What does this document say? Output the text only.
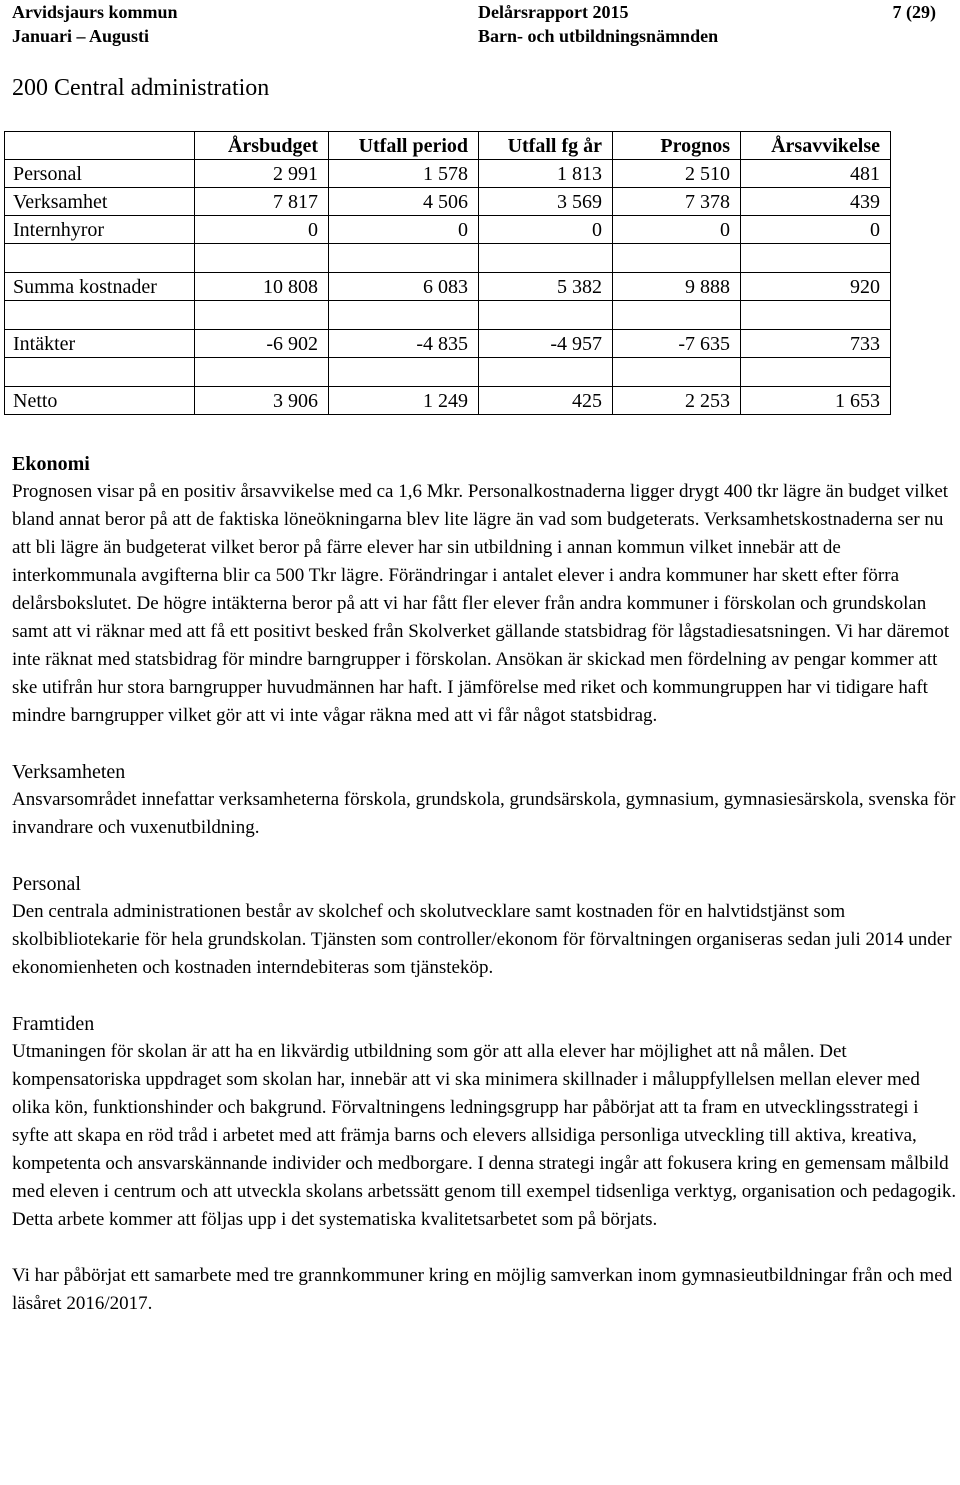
Arvidsjaurs kommun	Delårsrapport 2015	7 (29)
Januari – Augusti	Barn- och utbildningsnämnden
200 Central administration
	Årsbudget	Utfall period	Utfall fg år	Prognos	Årsavvikelse
Personal	2 991	1 578	1 813	2 510	481
Verksamhet	7 817	4 506	3 569	7 378	439
Internhyror	0	0	0	0	0

Summa kostnader	10 808	6 083	5 382	9 888	920

Intäkter	-6 902	-4 835	-4 957	-7 635	733

Netto	3 906	1 249	425	2 253	1 653
Ekonomi

Prognosen visar på en positiv årsavvikelse med ca 1,6 Mkr. Personalkostnaderna ligger drygt 400 tkr lägre än budget vilket bland annat beror på att de faktiska löneökningarna blev lite lägre än vad som budgeterats. Verksamhetskostnaderna ser nu att bli lägre än budgeterat vilket beror på färre elever har sin utbildning i annan kommun vilket innebär att de interkommunala avgifterna blir ca 500 Tkr lägre. Förändringar i antalet elever i andra kommuner har skett efter förra delårsbokslutet. De högre intäkterna beror på att vi har fått fler elever från andra kommuner i förskolan och grundskolan samt att vi räknar med att få ett positivt besked från Skolverket gällande statsbidrag för lågstadiesatsningen. Vi har däremot inte räknat med statsbidrag för mindre barngrupper i förskolan. Ansökan är skickad men fördelning av pengar kommer att ske utifrån hur stora barngrupper huvudmännen har haft. I jämförelse med riket och kommungruppen har vi tidigare haft mindre barngrupper vilket gör att vi inte vågar räkna med att vi får något statsbidrag.

Verksamheten

Ansvarsområdet innefattar verksamheterna förskola, grundskola, grundsärskola, gymnasium, gymnasiesärskola, svenska för invandrare och vuxenutbildning.

Personal

Den centrala administrationen består av skolchef och skolutvecklare samt kostnaden för en halvtidstjänst som skolbibliotekarie för hela grundskolan. Tjänsten som controller/ekonom för förvaltningen organiseras sedan juli 2014 under ekonomienheten och kostnaden interndebiteras som tjänsteköp.

Framtiden

Utmaningen för skolan är att ha en likvärdig utbildning som gör att alla elever har möjlighet att nå målen. Det kompensatoriska uppdraget som skolan har, innebär att vi ska minimera skillnader i måluppfyllelsen mellan elever med olika kön, funktionshinder och bakgrund. Förvaltningens ledningsgrupp har påbörjat att ta fram en utvecklingsstrategi i syfte att skapa en röd tråd i arbetet med att främja barns och elevers allsidiga personliga utveckling till aktiva, kreativa, kompetenta och ansvarskännande individer och medborgare. I denna strategi ingår att fokusera kring en gemensam målbild med eleven i centrum och att utveckla skolans arbetssätt genom till exempel tidsenliga verktyg, organisation och pedagogik. Detta arbete kommer att följas upp i det systematiska kvalitetsarbetet som på börjats.

Vi har påbörjat ett samarbete med tre grannkommuner kring en möjlig samverkan inom gymnasieutbildningar från och med läsåret 2016/2017.
